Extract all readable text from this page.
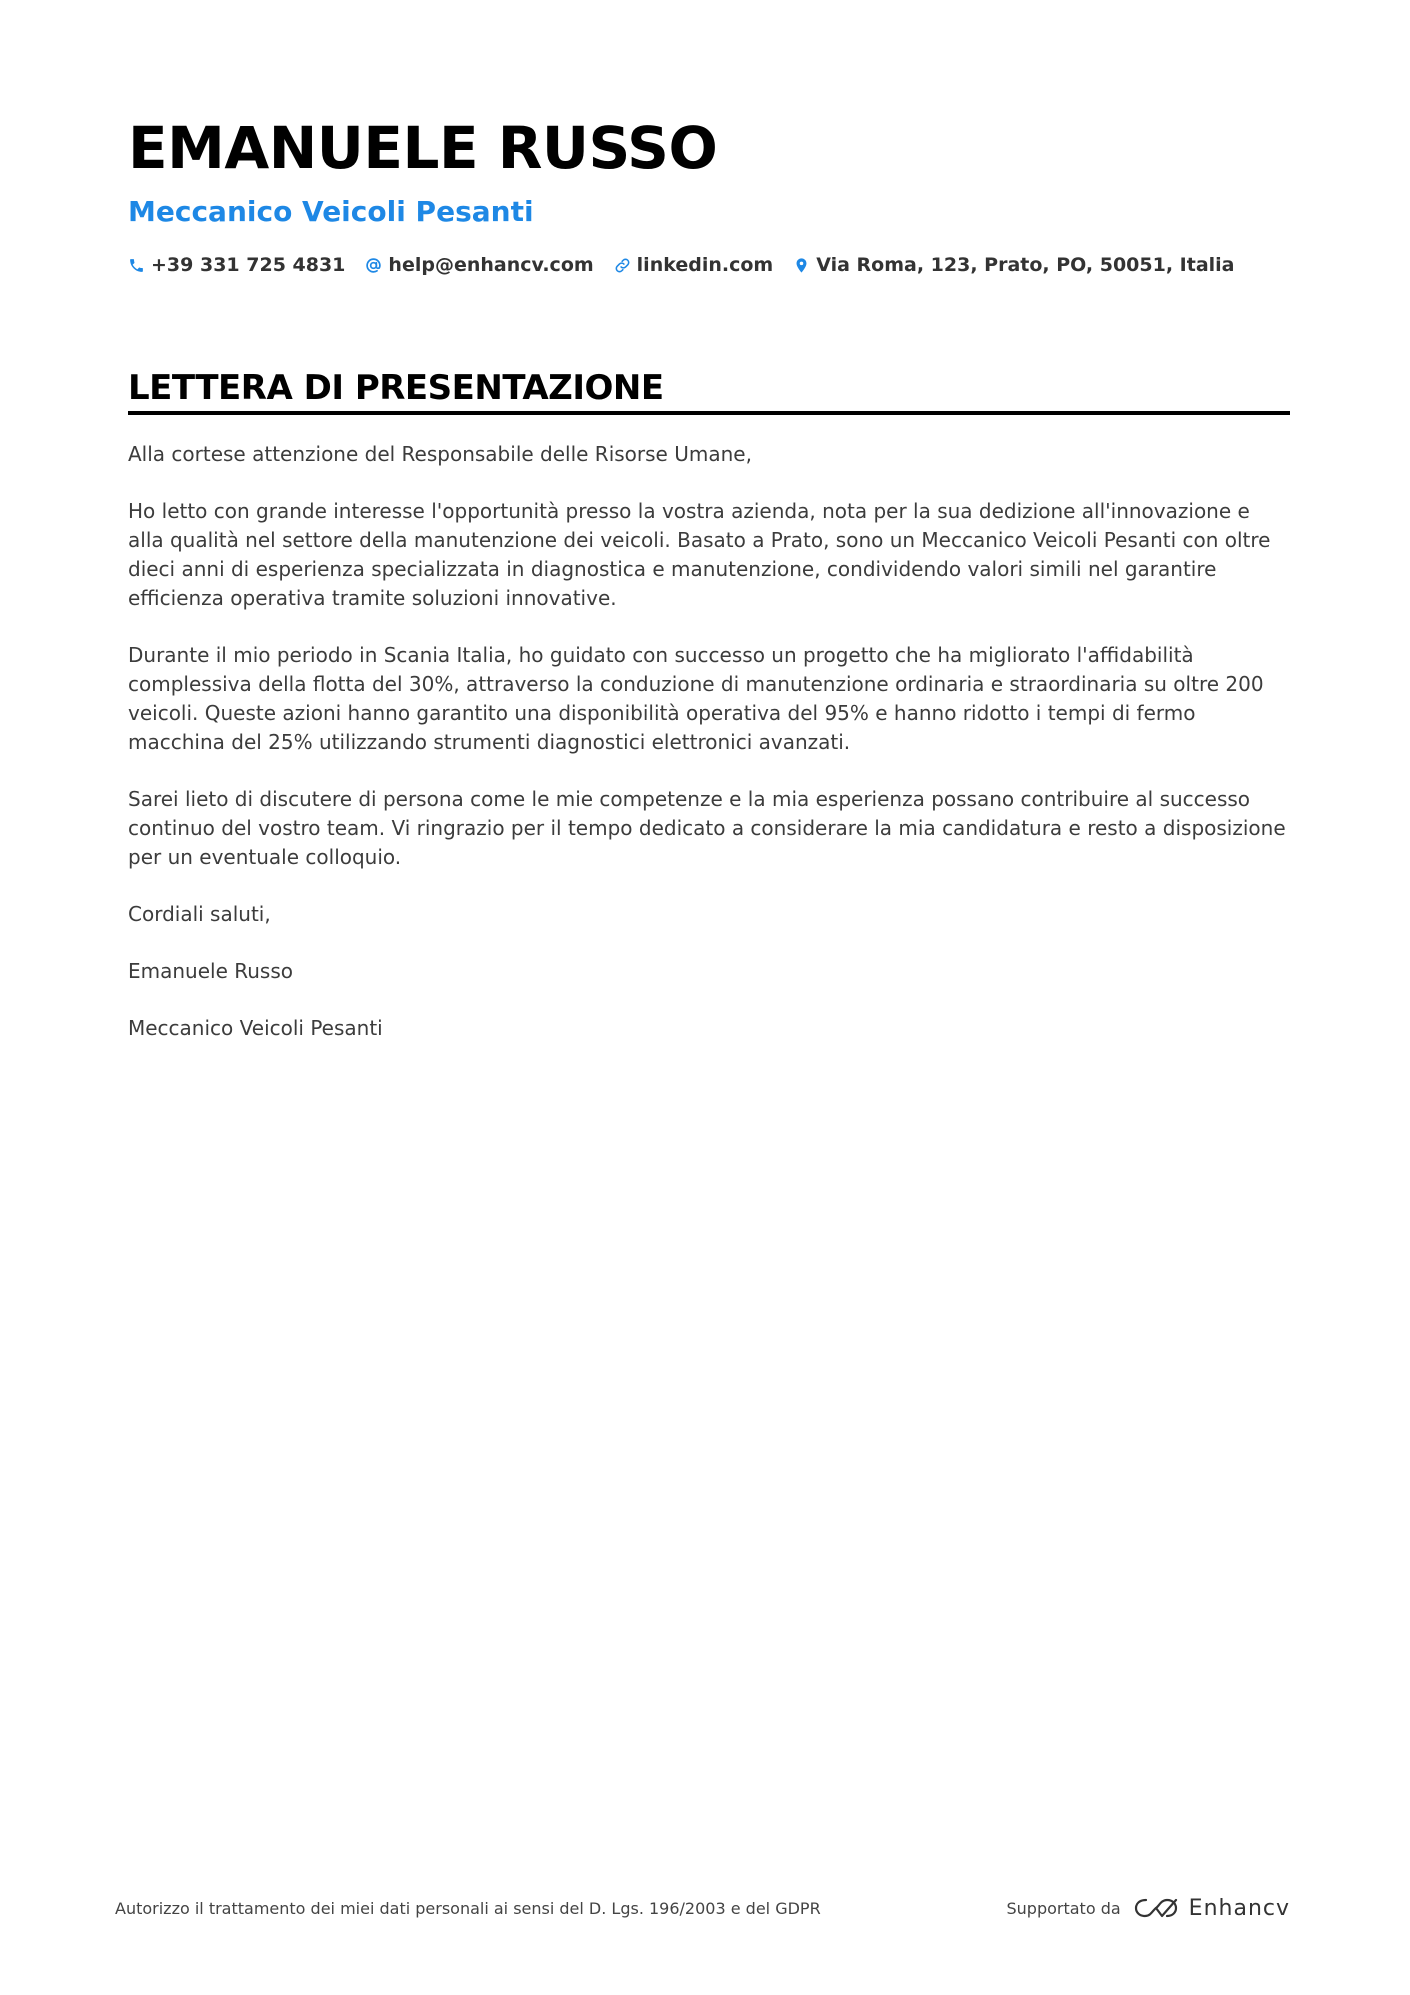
EMANUELE RUSSO
Meccanico Veicoli Pesanti
+39 331 725 4831 help@enhancv.com linkedin.com Via Roma, 123, Prato, PO, 50051, Italia
LETTERA DI PRESENTAZIONE

Alla cortese attenzione del Responsabile delle Risorse Umane,

Ho letto con grande interesse l'opportunità presso la vostra azienda, nota per la sua dedizione all'innovazione e alla qualità nel settore della manutenzione dei veicoli. Basato a Prato, sono un Meccanico Veicoli Pesanti con oltre dieci anni di esperienza specializzata in diagnostica e manutenzione, condividendo valori simili nel garantire efficienza operativa tramite soluzioni innovative.

Durante il mio periodo in Scania Italia, ho guidato con successo un progetto che ha migliorato l'affidabilità complessiva della flotta del 30%, attraverso la conduzione di manutenzione ordinaria e straordinaria su oltre 200 veicoli. Queste azioni hanno garantito una disponibilità operativa del 95% e hanno ridotto i tempi di fermo macchina del 25% utilizzando strumenti diagnostici elettronici avanzati.

Sarei lieto di discutere di persona come le mie competenze e la mia esperienza possano contribuire al successo continuo del vostro team. Vi ringrazio per il tempo dedicato a considerare la mia candidatura e resto a disposizione per un eventuale colloquio.

Cordiali saluti,

Emanuele Russo

Meccanico Veicoli Pesanti

Autorizzo il trattamento dei miei dati personali ai sensi del D. Lgs. 196/2003 e del GDPR	Supportato da	Enhancv
